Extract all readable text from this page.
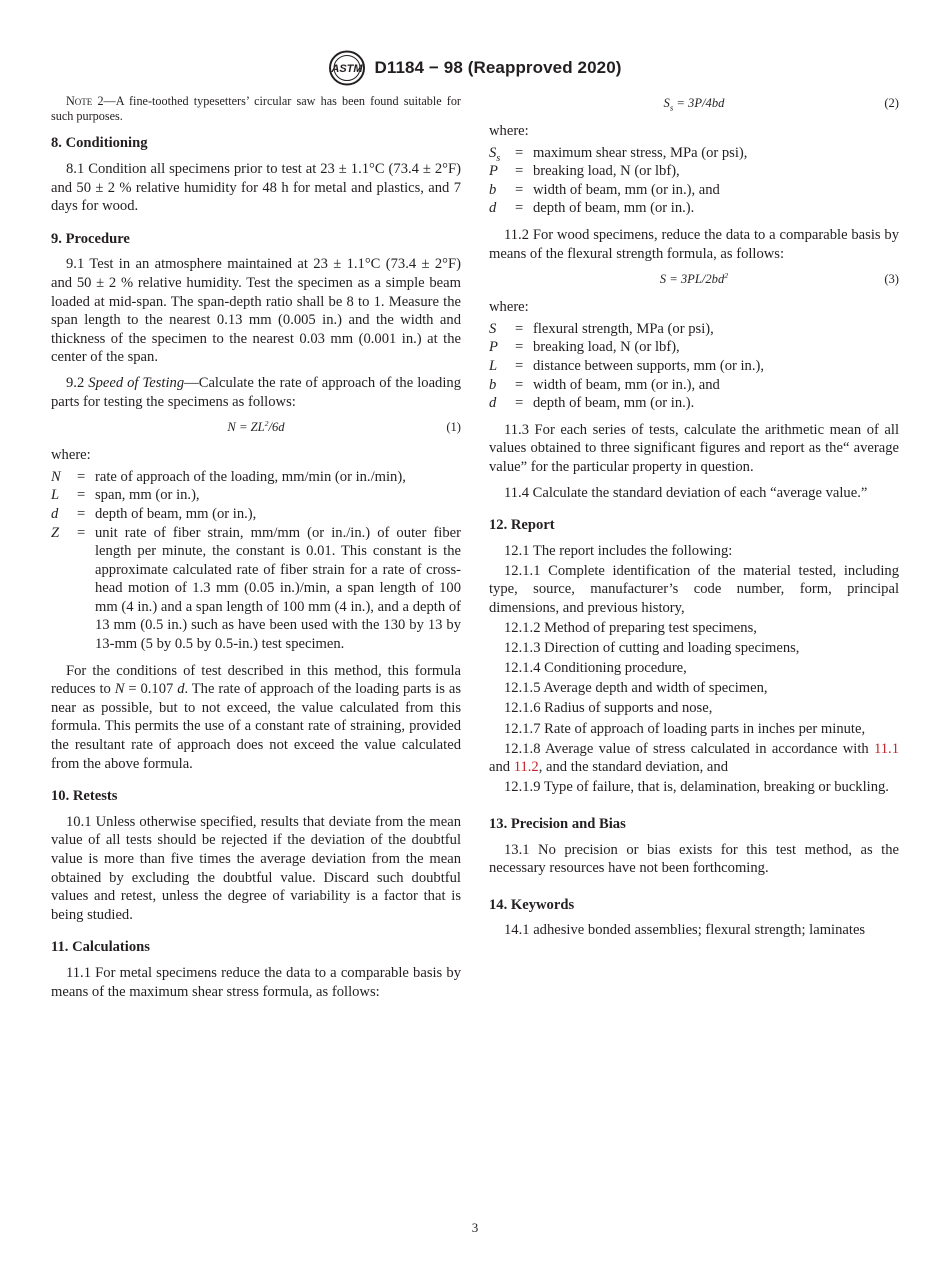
ASTM D1184 − 98 (Reapproved 2020)

Note 2—A fine-toothed typesetters’ circular saw has been found suitable for such purposes.

8. Conditioning

8.1 Condition all specimens prior to test at 23 ± 1.1°C (73.4 ± 2°F) and 50 ± 2 % relative humidity for 48 h for metal and plastics, and 7 days for wood.

9. Procedure

9.1 Test in an atmosphere maintained at 23 ± 1.1°C (73.4 ± 2°F) and 50 ± 2 % relative humidity. Test the specimen as a simple beam loaded at mid-span. The span-depth ratio shall be 8 to 1. Measure the span length to the nearest 0.13 mm (0.005 in.) and the width and thickness of the specimen to the nearest 0.03 mm (0.001 in.) at the center of the span.

9.2 Speed of Testing—Calculate the rate of approach of the loading parts for testing the specimens as follows:

$N = ZL^2/6d$	(1)

where:

N	= rate of approach of the loading, mm/min (or in./min),
L	= span, mm (or in.),
d	= depth of beam, mm (or in.),
Z	= unit rate of fiber strain, mm/mm (or in./in.) of outer fiber length per minute, the constant is 0.01. This constant is the approximate calculated rate of fiber strain for a rate of cross-head motion of 1.3 mm (0.05 in.)/min, a span length of 100 mm (4 in.) and a span length of 100 mm (4 in.), and a depth of 13 mm (0.5 in.) such as have been used with the 130 by 13 by 13-mm (5 by 0.5 by 0.5-in.) test specimen.

For the conditions of test described in this method, this formula reduces to N = 0.107 d. The rate of approach of the loading parts is as near as possible, but to not exceed, the value calculated from this formula. This permits the use of a constant rate of straining, provided the resultant rate of approach does not exceed the value calculated from the above formula.

10. Retests

10.1 Unless otherwise specified, results that deviate from the mean value of all tests should be rejected if the deviation of the doubtful value is more than five times the average deviation from the mean obtained by excluding the doubtful value. Discard such doubtful values and retest, unless the degree of variability is a factor that is being studied.

11. Calculations

11.1 For metal specimens reduce the data to a comparable basis by means of the maximum shear stress formula, as follows:

$S_s = 3P/4bd$	(2)

where:

$S_s$	= maximum shear stress, MPa (or psi),
P	= breaking load, N (or lbf),
b	= width of beam, mm (or in.), and
d	= depth of beam, mm (or in.).

11.2 For wood specimens, reduce the data to a comparable basis by means of the flexural strength formula, as follows:

$S = 3PL/2bd^2$	(3)

where:

S	= flexural strength, MPa (or psi),
P	= breaking load, N (or lbf),
L	= distance between supports, mm (or in.),
b	= width of beam, mm (or in.), and
d	= depth of beam, mm (or in.).

11.3 For each series of tests, calculate the arithmetic mean of all values obtained to three significant figures and report as the“ average value” for the particular property in question.

11.4 Calculate the standard deviation of each “average value.”

12. Report

12.1 The report includes the following:

12.1.1 Complete identification of the material tested, including type, source, manufacturer’s code number, form, principal dimensions, and previous history,

12.1.2 Method of preparing test specimens,

12.1.3 Direction of cutting and loading specimens,

12.1.4 Conditioning procedure,

12.1.5 Average depth and width of specimen,

12.1.6 Radius of supports and nose,

12.1.7 Rate of approach of loading parts in inches per minute,

12.1.8 Average value of stress calculated in accordance with 11.1 and 11.2, and the standard deviation, and

12.1.9 Type of failure, that is, delamination, breaking or buckling.

13. Precision and Bias

13.1 No precision or bias exists for this test method, as the necessary resources have not been forthcoming.

14. Keywords

14.1 adhesive bonded assemblies; flexural strength; laminates

3
